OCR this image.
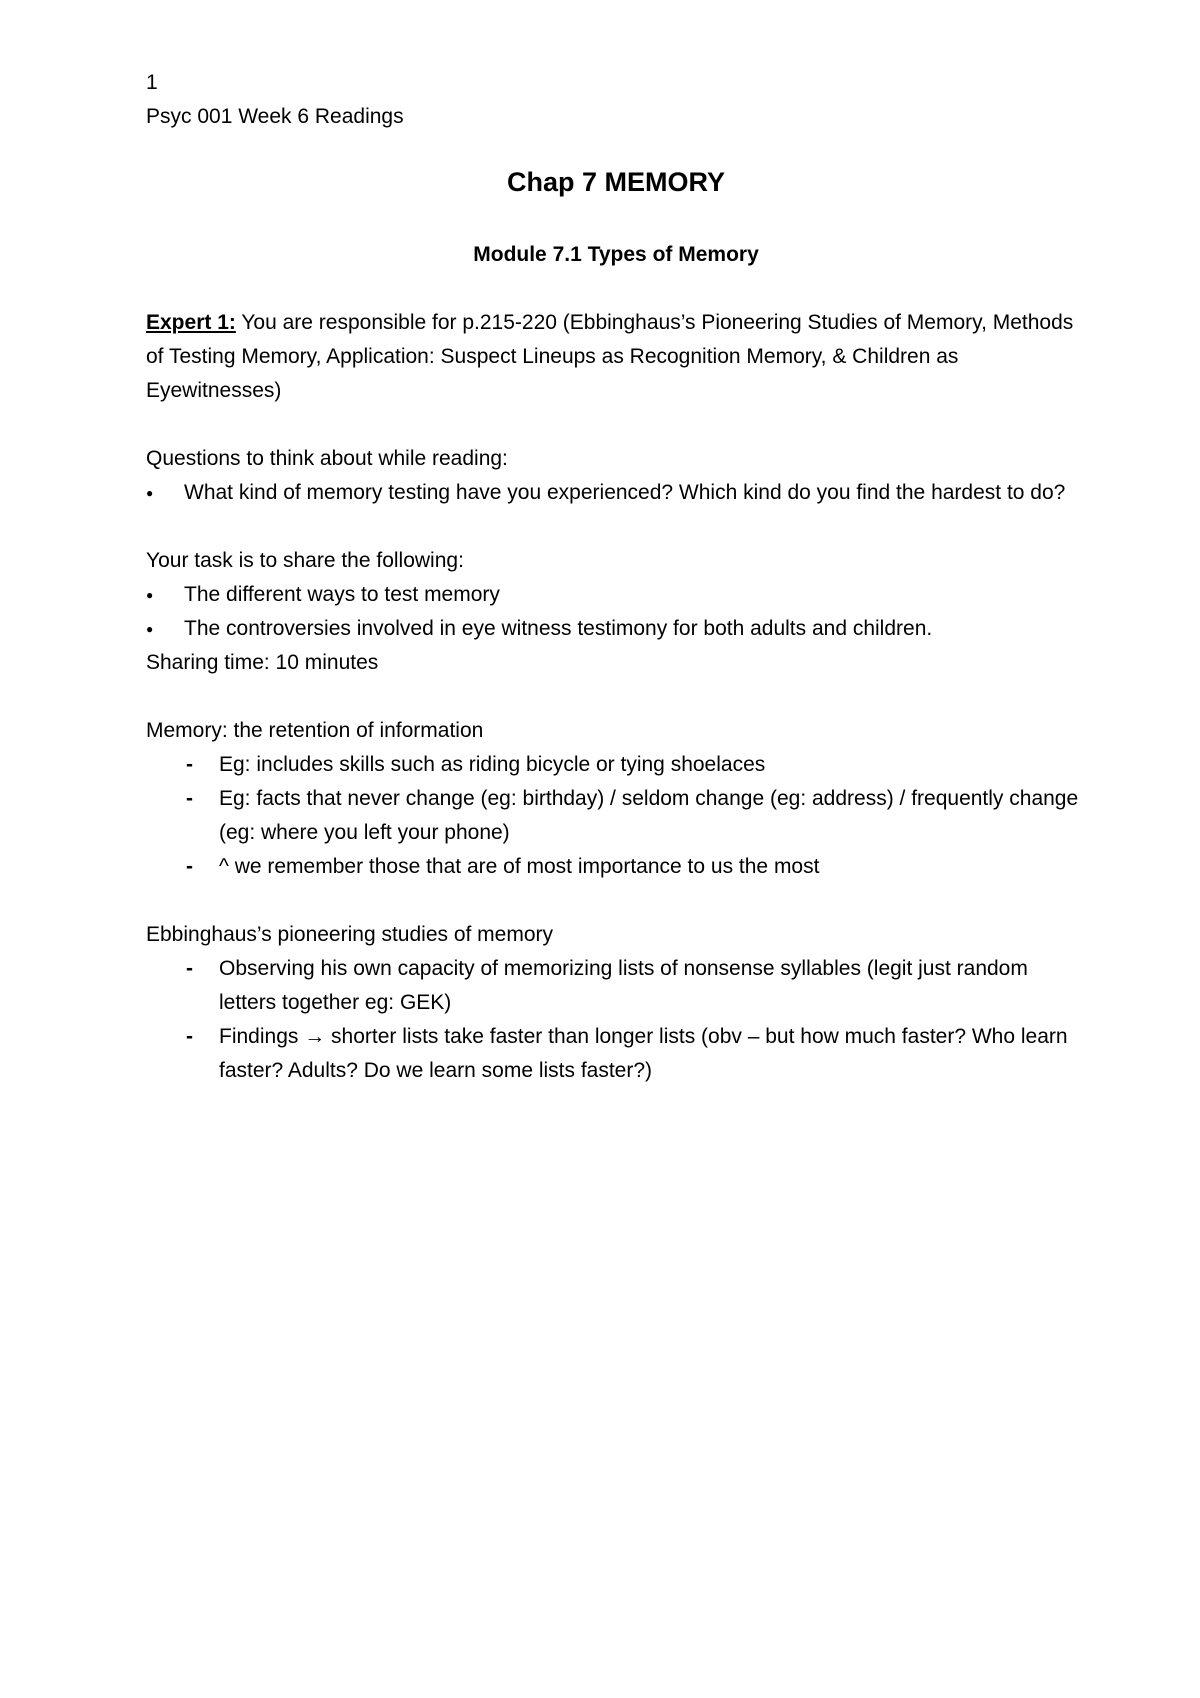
1

Psyc 001 Week 6 Readings

Chap 7 MEMORY
Module 7.1 Types of Memory

Expert 1: You are responsible for p.215-220 (Ebbinghaus’s Pioneering Studies of Memory, Methods of Testing Memory, Application: Suspect Lineups as Recognition Memory, & Children as Eyewitnesses)

Questions to think about while reading:

● What kind of memory testing have you experienced? Which kind do you find the hardest to do?

Your task is to share the following:

● The different ways to test memory
● The controversies involved in eye witness testimony for both adults and children.

Sharing time: 10 minutes

Memory: the retention of information

- Eg: includes skills such as riding bicycle or tying shoelaces
- Eg: facts that never change (eg: birthday) / seldom change (eg: address) / frequently change (eg: where you left your phone)
- ^ we remember those that are of most importance to us the most

Ebbinghaus’s pioneering studies of memory

- Observing his own capacity of memorizing lists of nonsense syllables (legit just random letters together eg: GEK)
- Findings → shorter lists take faster than longer lists (obv – but how much faster? Who learn faster? Adults? Do we learn some lists faster?)
